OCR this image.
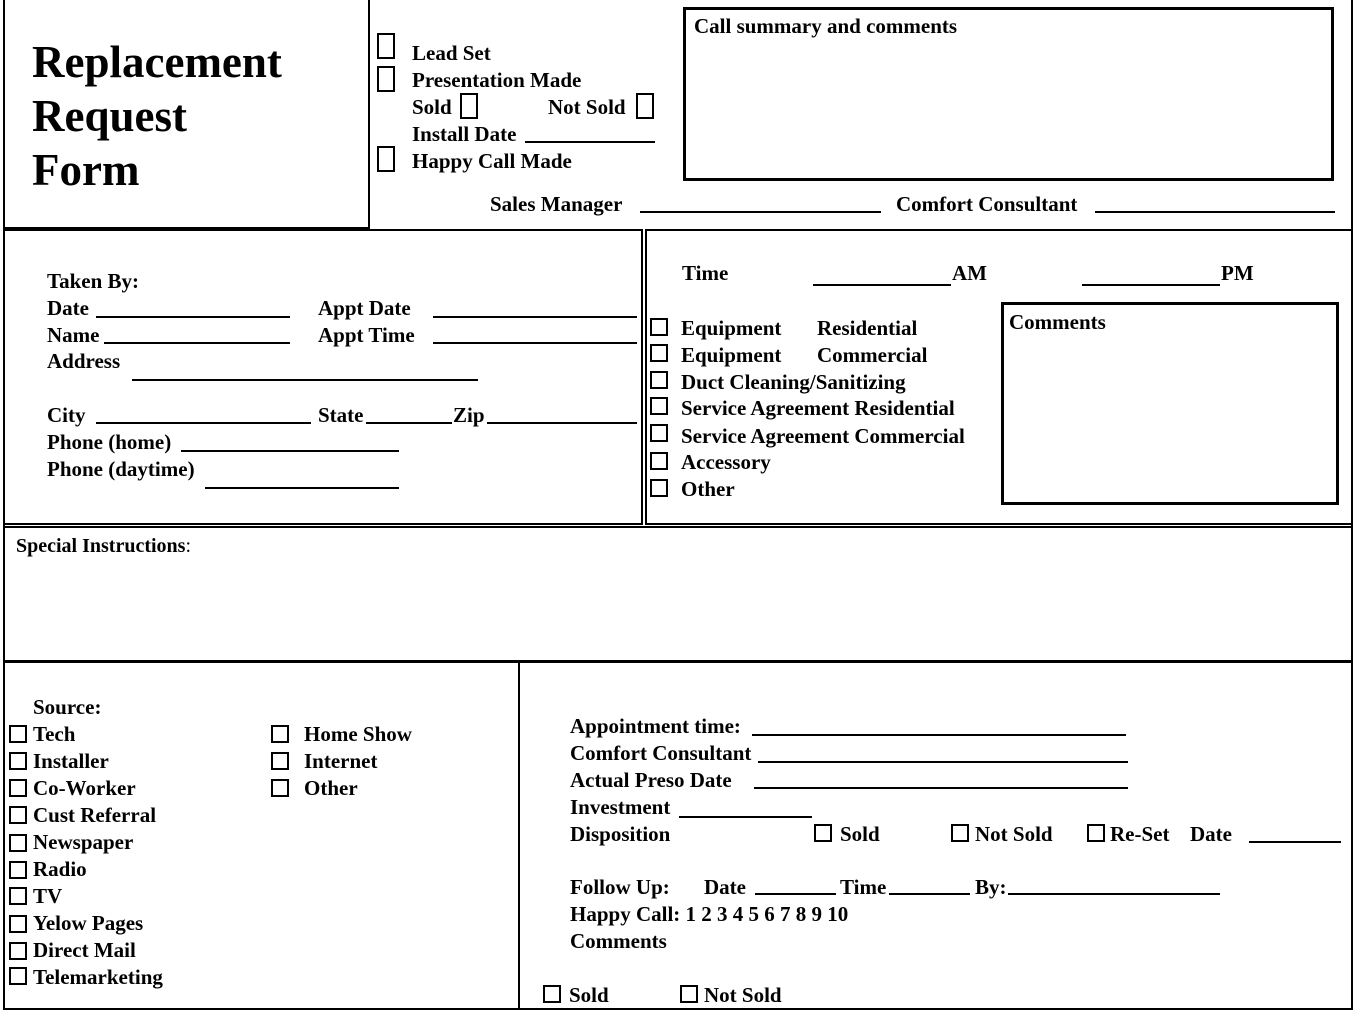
Replacement
Request
Form
Lead Set
Presentation Made
Sold	Not Sold
Install Date
Happy Call Made
Call summary and comments
Sales Manager	Comfort Consultant
Taken By:
Date	Appt Date
Name	Appt Time
Address
City	State	Zip
Phone (home)
Phone (daytime)
Time	AM	PM
Equipment Residential
Equipment Commercial
Duct Cleaning/Sanitizing
Service Agreement Residential
Service Agreement Commercial
Accessory
Other
Comments
Special Instructions:
Source:
Tech
Installer
Co-Worker
Cust Referral
Newspaper
Radio
TV
Yelow Pages
Direct Mail
Telemarketing
Home Show
Internet
Other
Appointment time:
Comfort Consultant
Actual Preso Date
Investment
Disposition	Sold	Not Sold	Re-Set Date
Follow Up: Date	Time	By:
Happy Call: 1 2 3 4 5 6 7 8 9 10
Comments
Sold	Not Sold
